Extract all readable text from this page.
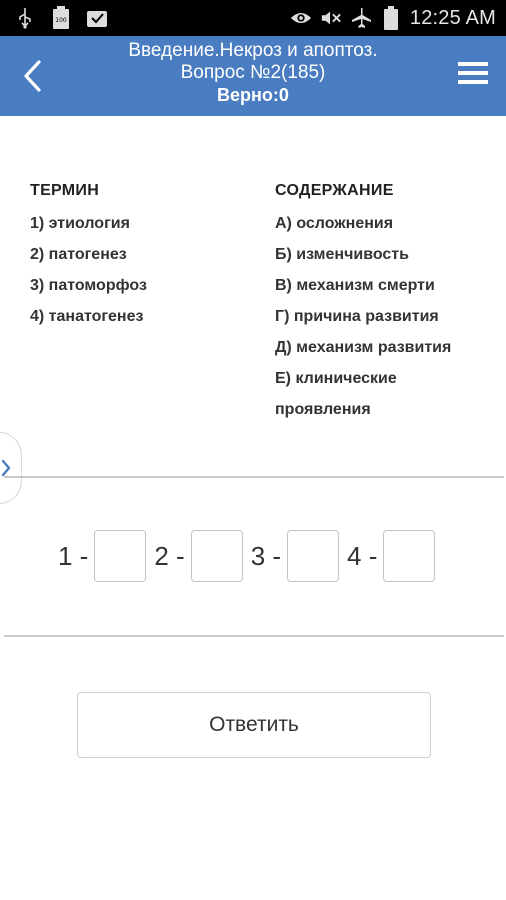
100	12:25 AM
Введение.Некроз и апоптоз.
Вопрос №2(185)
Верно:0
ТЕРМИН
1) этиология
2) патогенез
3) патоморфоз
4) танатогенез
СОДЕРЖАНИЕ
А) осложнения
Б) изменчивость
В) механизм смерти
Г) причина развития
Д) механизм развития
Е) клинические проявления
1 -	2 -	3 -	4 -
Ответить
